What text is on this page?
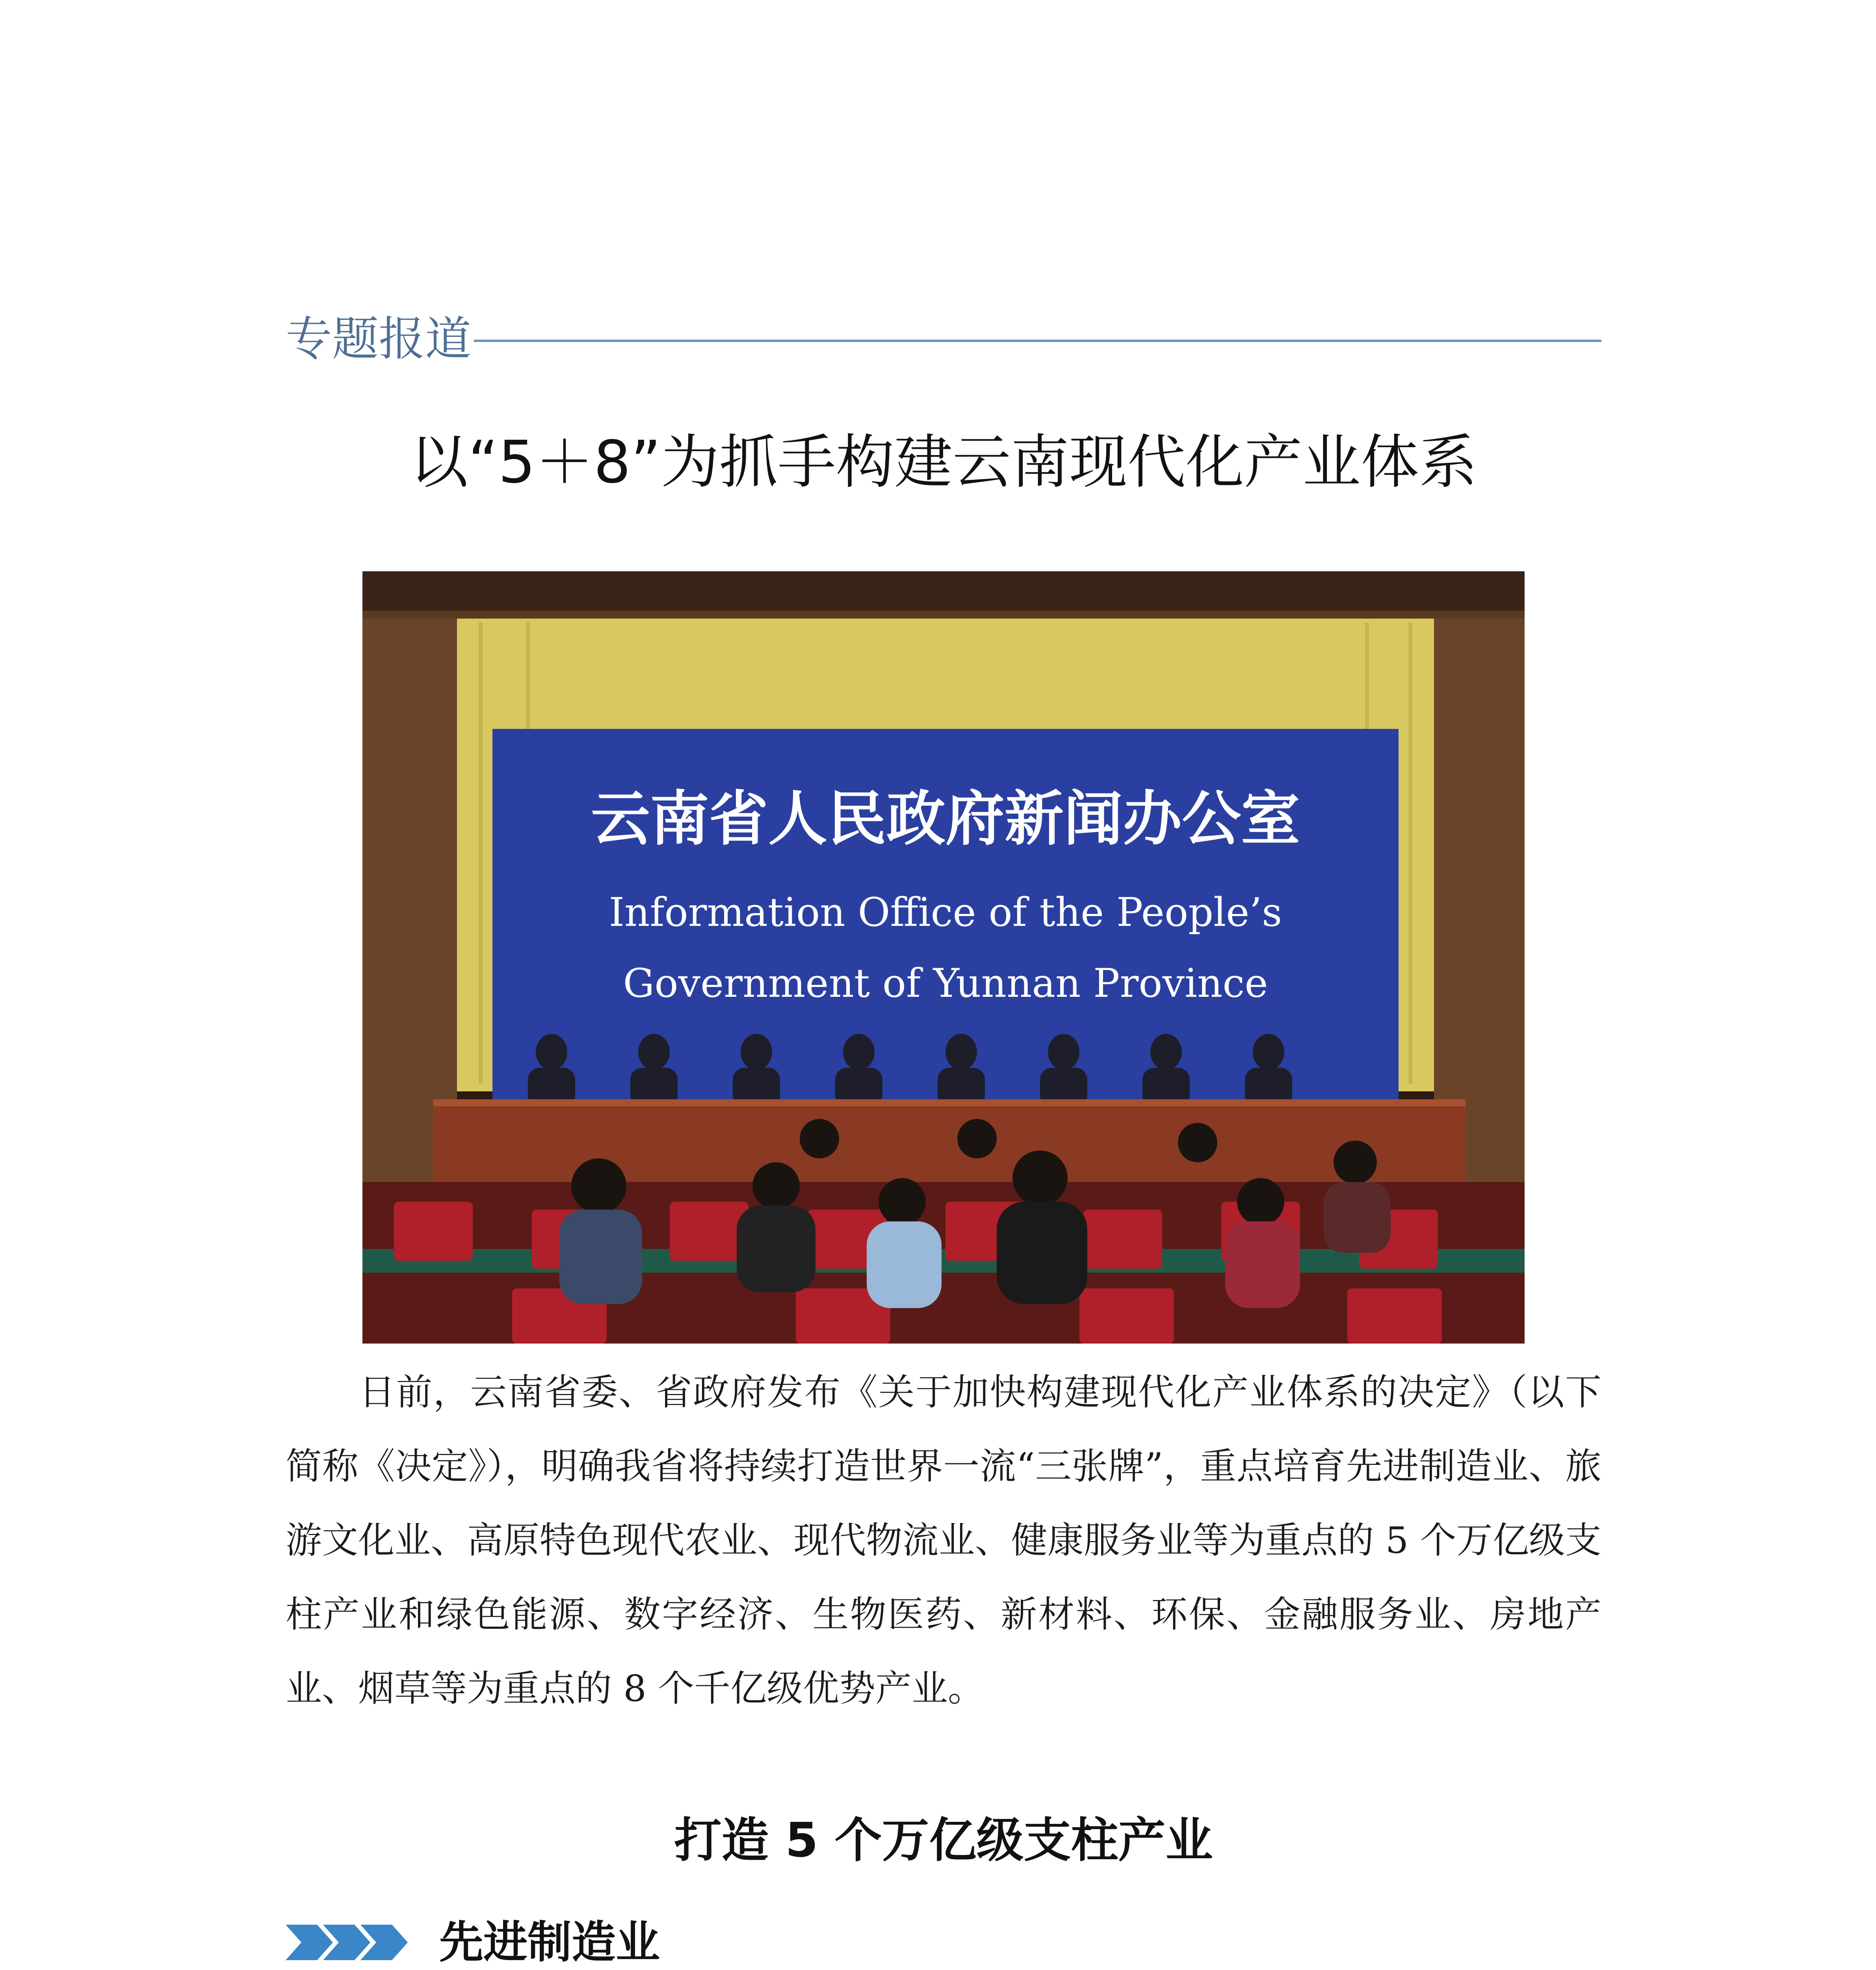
专题报道
以“5＋8”为抓手构建云南现代化产业体系
云南省人民政府新闻办公室
Information Office of the People’s
Government of Yunnan Province

日前，云南省委、省政府发布《关于加快构建现代化产业体系的决定》（以下简称《决定》），明确我省将持续打造世界一流“三张牌”，重点培育先进制造业、旅游文化业、高原特色现代农业、现代物流业、健康服务业等为重点的 5 个万亿级支柱产业和绿色能源、数字经济、生物医药、新材料、环保、金融服务业、房地产业、烟草等为重点的 8 个千亿级优势产业。

打造 5 个万亿级支柱产业
先进制造业
